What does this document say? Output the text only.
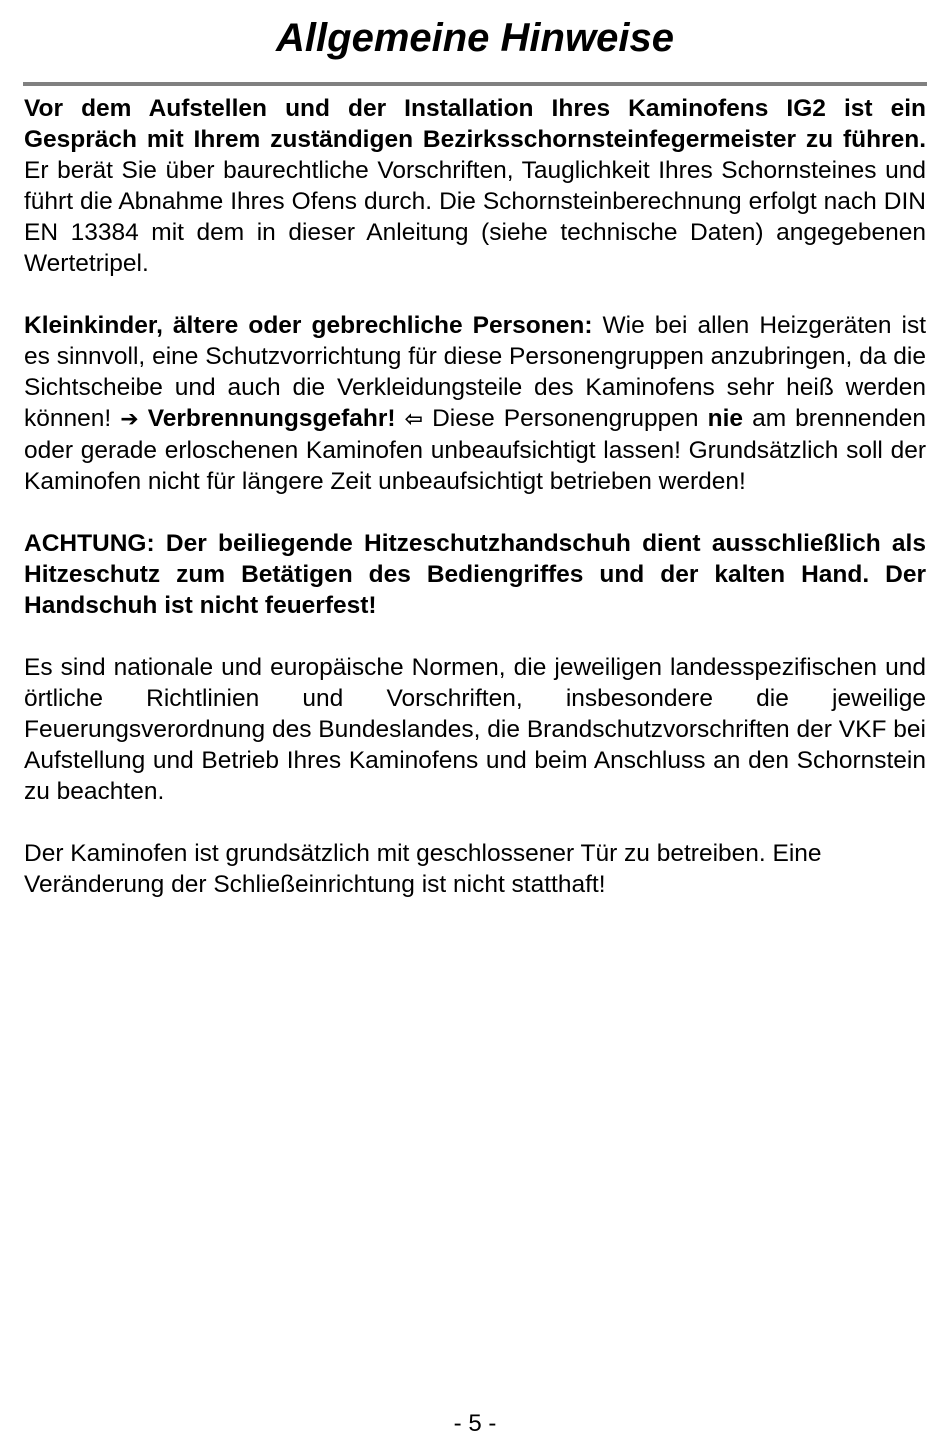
Allgemeine Hinweise

Vor dem Aufstellen und der Installation Ihres Kaminofens IG2 ist ein Gespräch mit Ihrem zuständigen Bezirksschornsteinfegermeister zu führen. Er berät Sie über baurechtliche Vorschriften, Tauglichkeit Ihres Schornsteines und führt die Abnahme Ihres Ofens durch. Die Schornsteinberechnung erfolgt nach DIN EN 13384 mit dem in dieser Anleitung (siehe technische Daten) angegebenen Wertetripel.

Kleinkinder, ältere oder gebrechliche Personen: Wie bei allen Heizgeräten ist es sinnvoll, eine Schutzvorrichtung für diese Personengruppen anzubringen, da die Sichtscheibe und auch die Verkleidungsteile des Kaminofens sehr heiß werden können! ➔ Verbrennungsgefahr! ⇦ Diese Personengruppen nie am brennenden oder gerade erloschenen Kaminofen unbeaufsichtigt lassen! Grundsätzlich soll der Kaminofen nicht für längere Zeit unbeaufsichtigt betrieben werden!

ACHTUNG: Der beiliegende Hitzeschutzhandschuh dient ausschließlich als Hitzeschutz zum Betätigen des Bediengriffes und der kalten Hand. Der Handschuh ist nicht feuerfest!

Es sind nationale und europäische Normen, die jeweiligen landesspezifischen und örtliche Richtlinien und Vorschriften, insbesondere die jeweilige Feuerungsverordnung des Bundeslandes, die Brandschutzvorschriften der VKF bei Aufstellung und Betrieb Ihres Kaminofens und beim Anschluss an den Schornstein zu beachten.

Der Kaminofen ist grundsätzlich mit geschlossener Tür zu betreiben. Eine Veränderung der Schließeinrichtung ist nicht statthaft!

- 5 -
